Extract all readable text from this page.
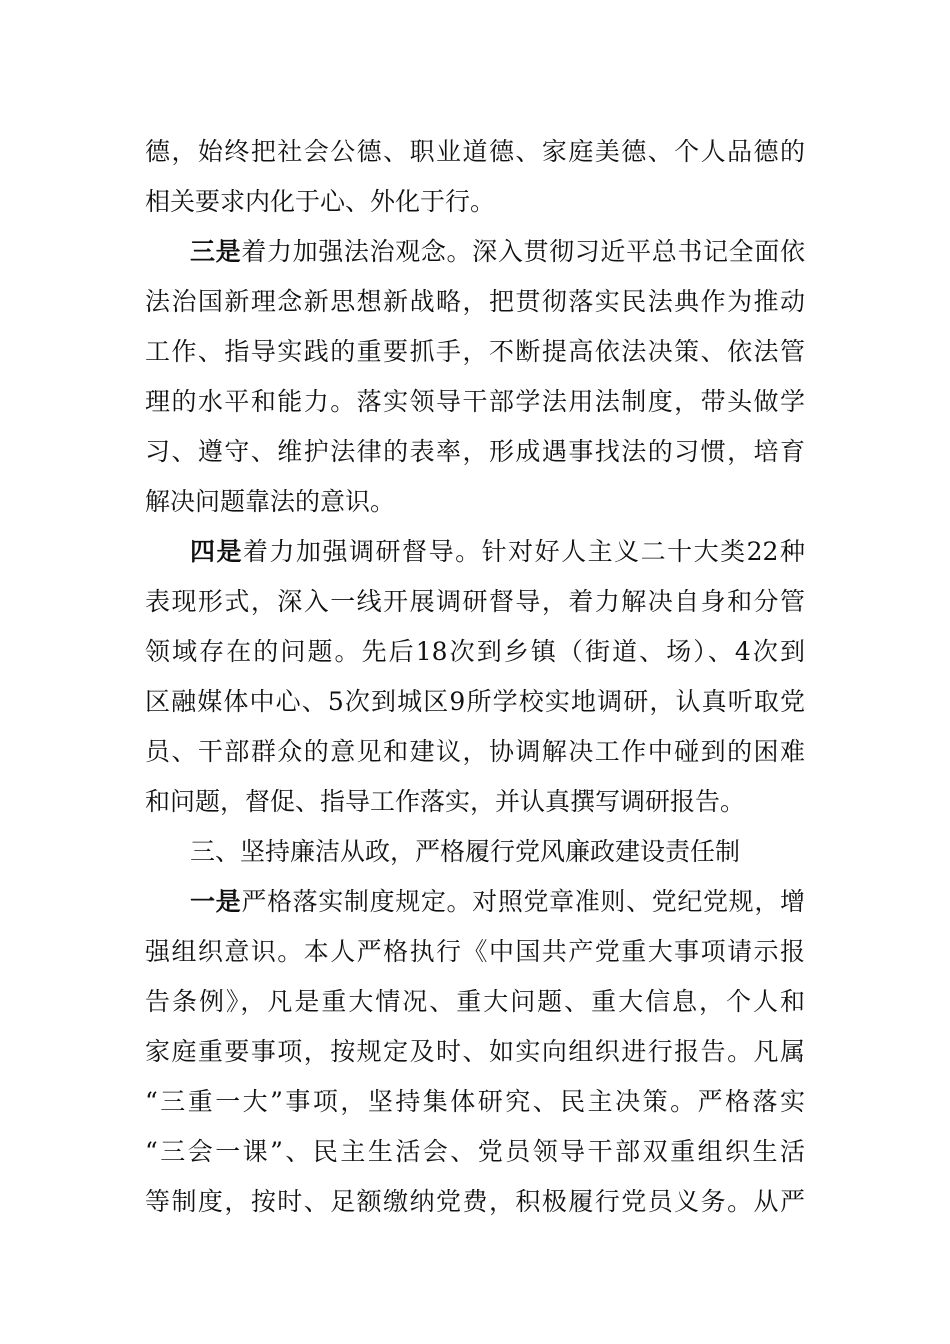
德，始终把社会公德、职业道德、家庭美德、个人品德的
相关要求内化于心、外化于行。
三是着力加强法治观念。深入贯彻习近平总书记全面依
法治国新理念新思想新战略，把贯彻落实民法典作为推动
工作、指导实践的重要抓手，不断提高依法决策、依法管
理的水平和能力。落实领导干部学法用法制度，带头做学
习、遵守、维护法律的表率，形成遇事找法的习惯，培育
解决问题靠法的意识。
四是着力加强调研督导。针对好人主义二十大类22种
表现形式，深入一线开展调研督导，着力解决自身和分管
领域存在的问题。先后18次到乡镇（街道、场）、4次到
区融媒体中心、5次到城区9所学校实地调研，认真听取党
员、干部群众的意见和建议，协调解决工作中碰到的困难
和问题，督促、指导工作落实，并认真撰写调研报告。
三、坚持廉洁从政，严格履行党风廉政建设责任制
一是严格落实制度规定。对照党章准则、党纪党规，增
强组织意识。本人严格执行《中国共产党重大事项请示报
告条例》，凡是重大情况、重大问题、重大信息，个人和
家庭重要事项，按规定及时、如实向组织进行报告。凡属
“三重一大”事项，坚持集体研究、民主决策。严格落实
“三会一课”、民主生活会、党员领导干部双重组织生活
等制度，按时、足额缴纳党费，积极履行党员义务。从严
